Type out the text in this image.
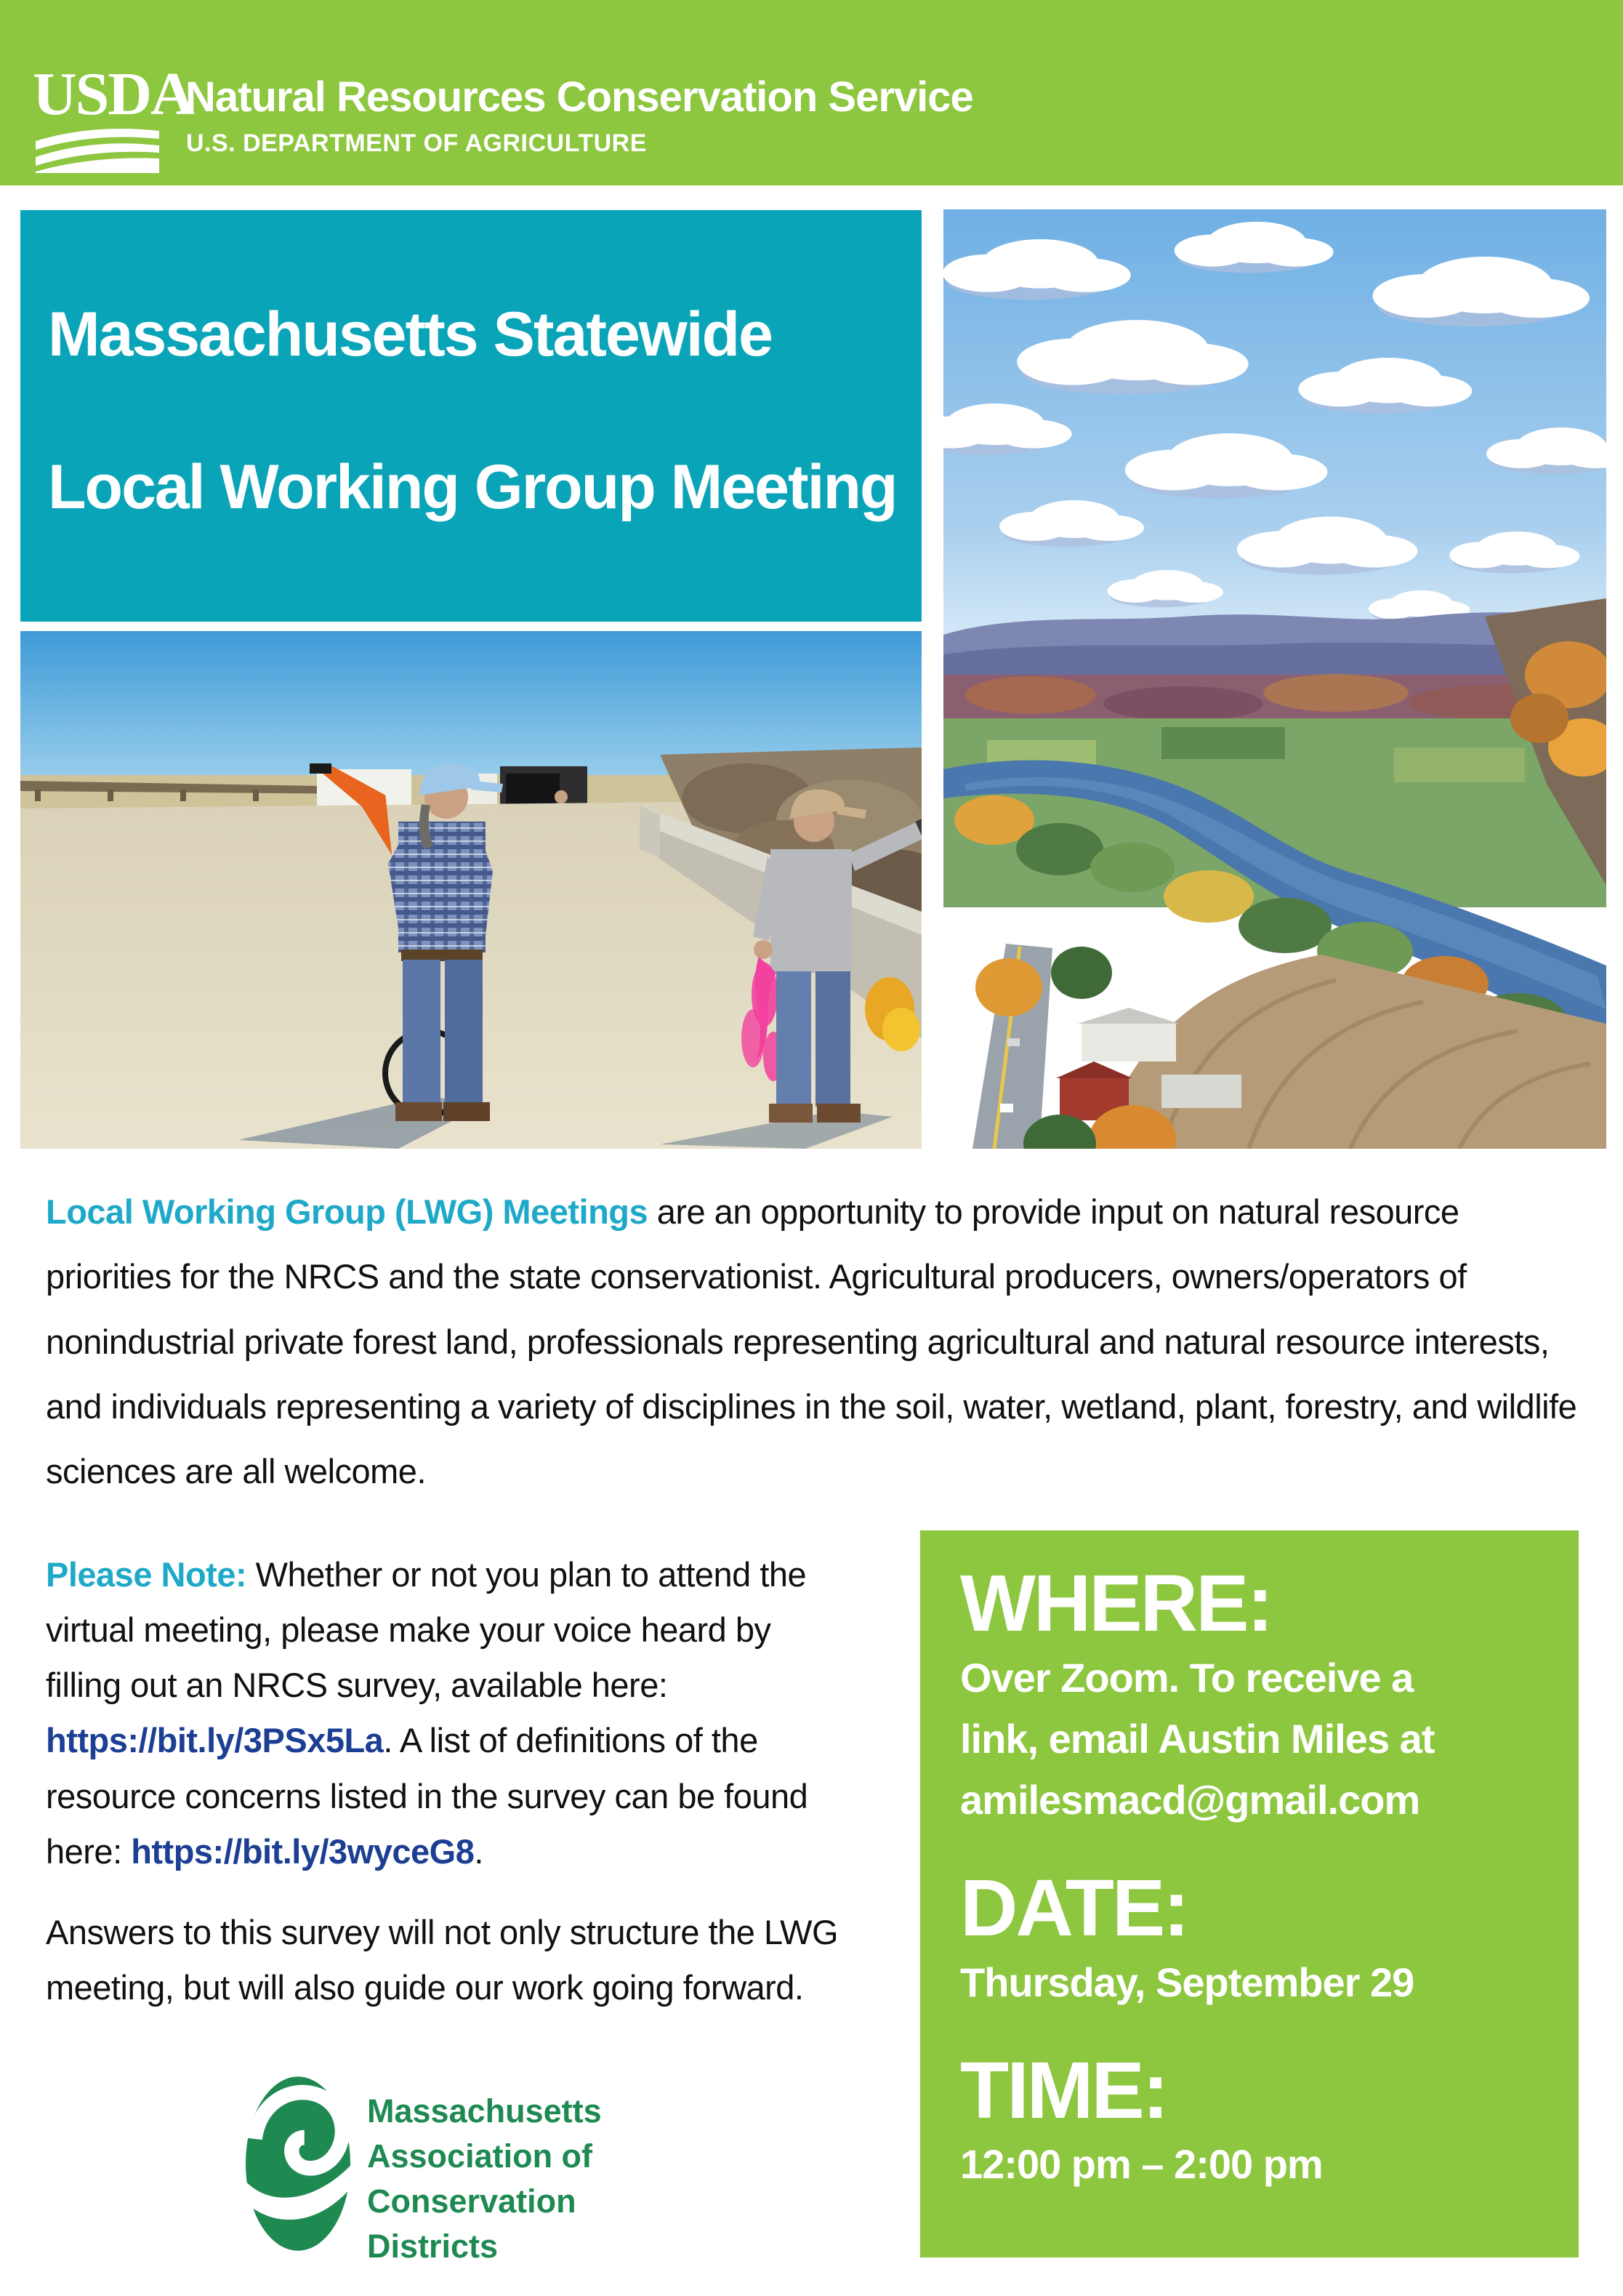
USDA
Natural Resources Conservation Service
U.S. DEPARTMENT OF AGRICULTURE
Massachusetts Statewide
Local Working Group Meeting

Local Working Group (LWG) Meetings are an opportunity to provide input on natural resource priorities for the NRCS and the state conservationist. Agricultural producers, owners/operators of nonindustrial private forest land, professionals representing agricultural and natural resource interests, and individuals representing a variety of disciplines in the soil, water, wetland, plant, forestry, and wildlife sciences are all welcome.

Please Note: Whether or not you plan to attend the virtual meeting, please make your voice heard by filling out an NRCS survey, available here: https://bit.ly/3PSx5La. A list of definitions of the resource concerns listed in the survey can be found here: https://bit.ly/3wyceG8.

Answers to this survey will not only structure the LWG meeting, but will also guide our work going forward.

Massachusetts
Association of
Conservation
Districts
WHERE:
Over Zoom. To receive a
link, email Austin Miles at
amilesmacd@gmail.com
DATE:
Thursday, September 29
TIME:
12:00 pm – 2:00 pm
